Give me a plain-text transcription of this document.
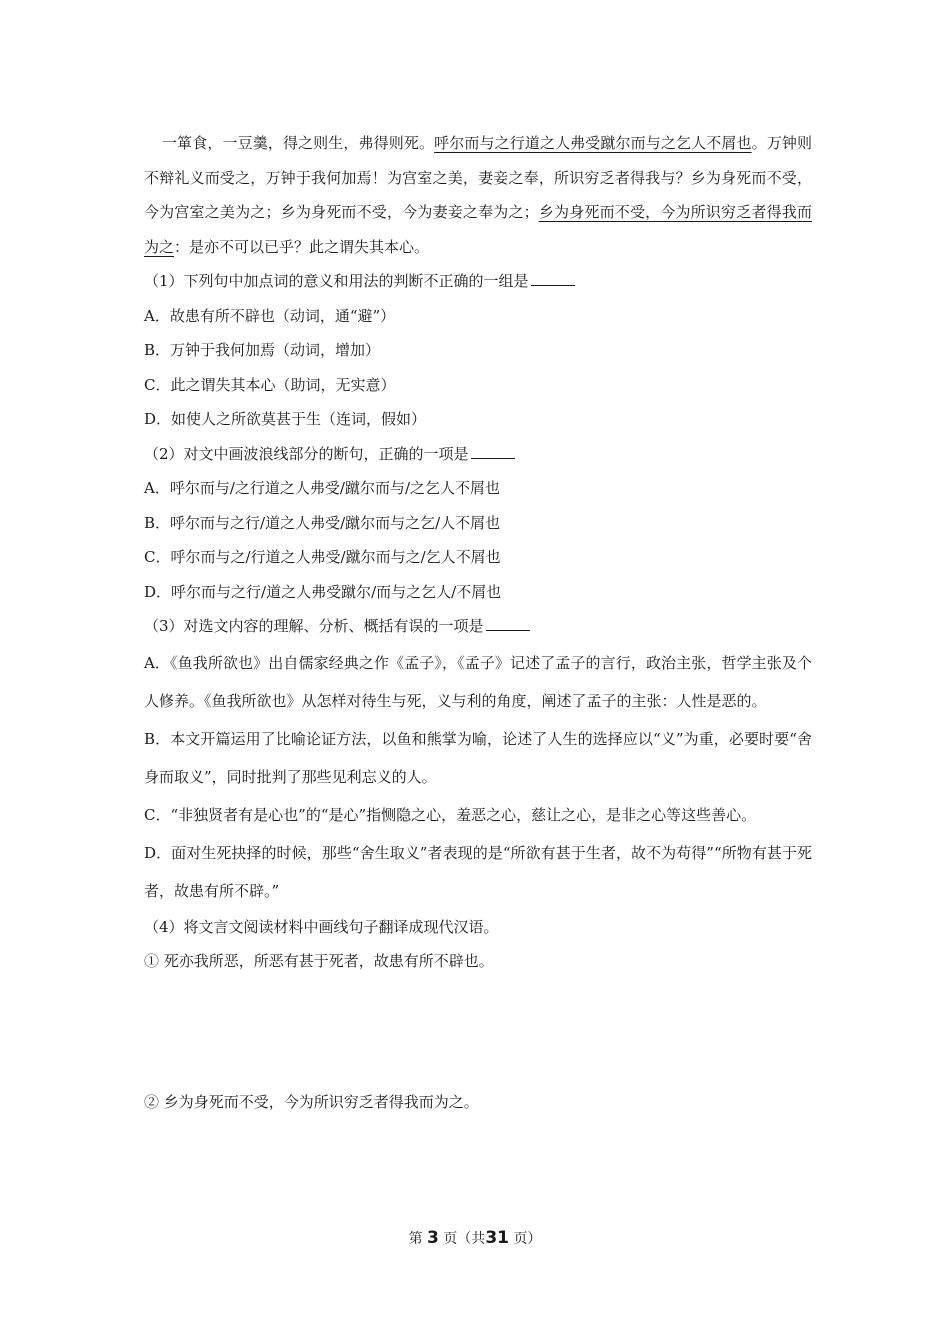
一箪食，一豆羹，得之则生，弗得则死。呼尔而与之行道之人弗受蹴尔而与之乞人不屑也。万钟则不辩礼义而受之，万钟于我何加焉！为宫室之美，妻妾之奉，所识穷乏者得我与？乡为身死而不受，今为宫室之美为之；乡为身死而不受，今为妻妾之奉为之；乡为身死而不受，今为所识穷乏者得我而为之：是亦不可以已乎？此之谓失其本心。

（1）下列句中加点词的意义和用法的判断不正确的一组是

A．故患有所不辟也（动词，通“避”）

B．万钟于我何加焉（动词，增加）

C．此之谓失其本心（助词，无实意）

D．如使人之所欲莫甚于生（连词，假如）

（2）对文中画波浪线部分的断句，正确的一项是

A．呼尔而与/之行道之人弗受/蹴尔而与/之乞人不屑也

B．呼尔而与之行/道之人弗受/蹴尔而与之乞/人不屑也

C．呼尔而与之/行道之人弗受/蹴尔而与之/乞人不屑也

D．呼尔而与之行/道之人弗受蹴尔/而与之乞人/不屑也

（3）对选文内容的理解、分析、概括有误的一项是

A．《鱼我所欲也》出自儒家经典之作《孟子》，《孟子》记述了孟子的言行，政治主张，哲学主张及个人修养。《鱼我所欲也》从怎样对待生与死，义与利的角度，阐述了孟子的主张：人性是恶的。

B．本文开篇运用了比喻论证方法，以鱼和熊掌为喻，论述了人生的选择应以“义”为重，必要时要“舍身而取义”，同时批判了那些见利忘义的人。

C．“非独贤者有是心也”的“是心”指恻隐之心，羞恶之心，慈让之心，是非之心等这些善心。

D．面对生死抉择的时候，那些“舍生取义”者表现的是“所欲有甚于生者，故不为苟得”“所物有甚于死者，故患有所不辟。”

（4）将文言文阅读材料中画线句子翻译成现代汉语。

① 死亦我所恶，所恶有甚于死者，故患有所不辟也。

② 乡为身死而不受，今为所识穷乏者得我而为之。

第 3 页（共31 页）
